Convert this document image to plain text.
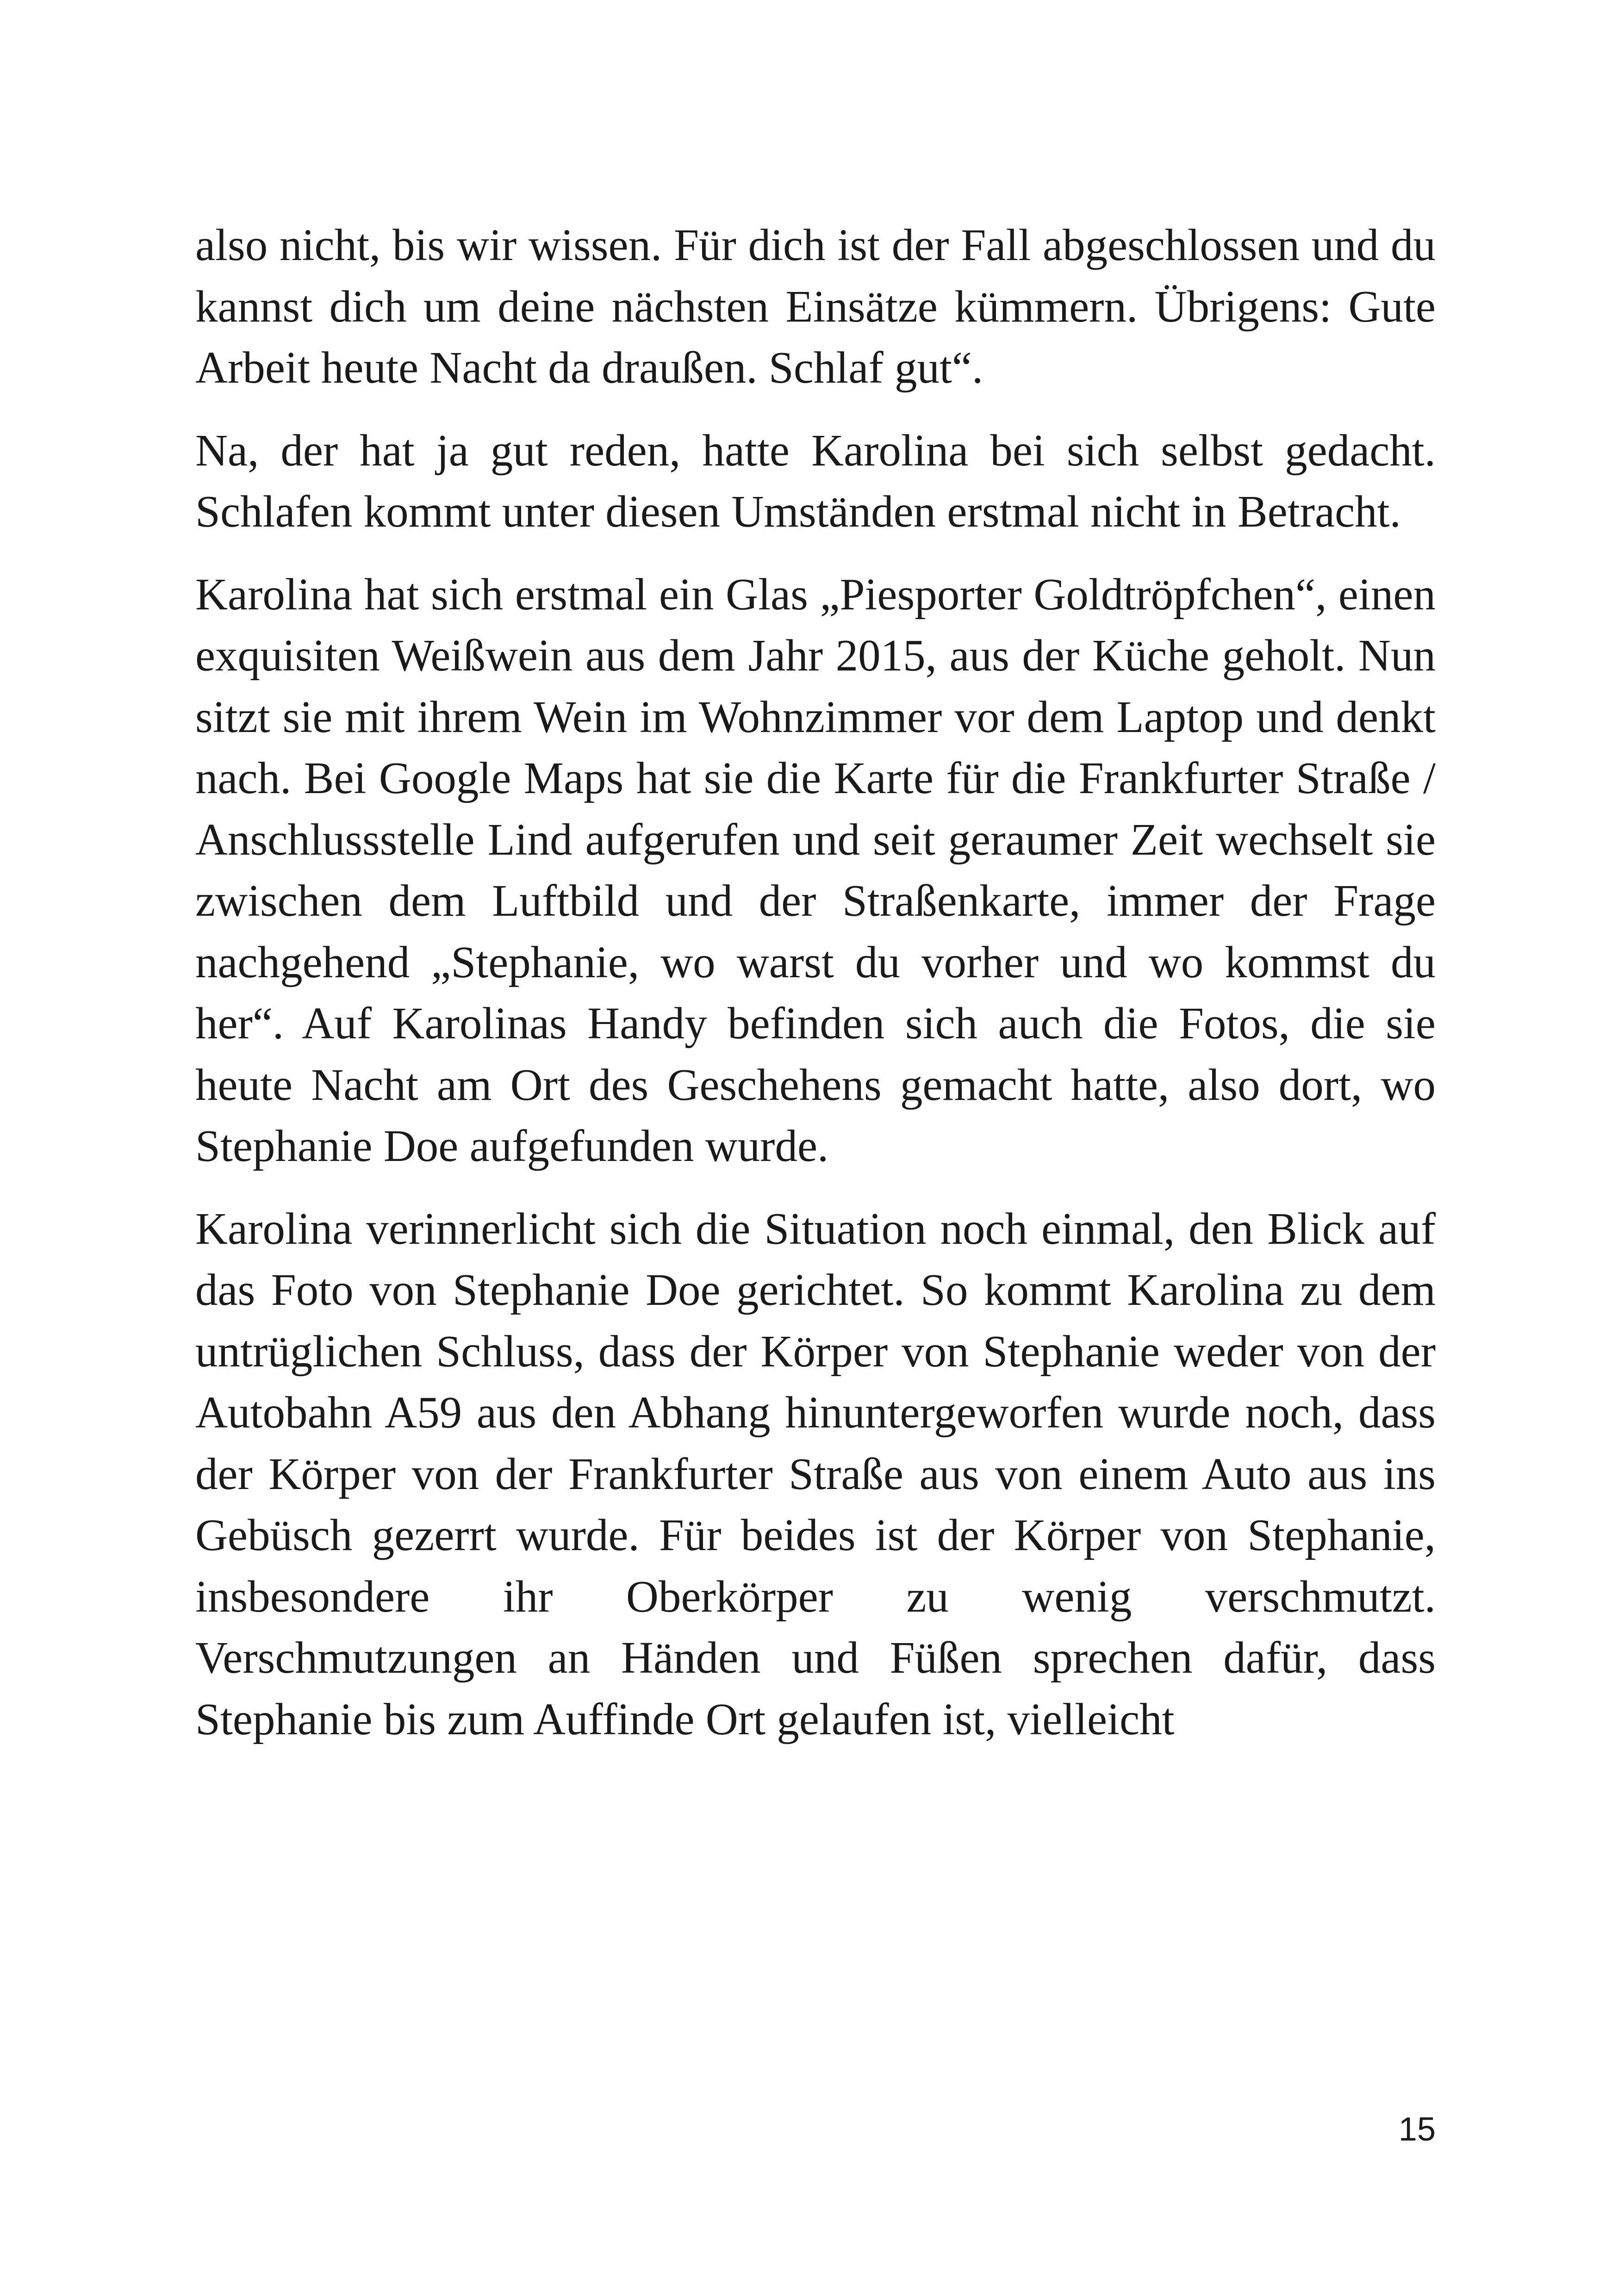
also nicht, bis wir wissen. Für dich ist der Fall abgeschlossen und du kannst dich um deine nächsten Einsätze kümmern. Übrigens: Gute Arbeit heute Nacht da draußen. Schlaf gut“.

Na, der hat ja gut reden, hatte Karolina bei sich selbst gedacht. Schlafen kommt unter diesen Umständen erstmal nicht in Betracht.

Karolina hat sich erstmal ein Glas „Piesporter Goldtröpfchen“, einen exquisiten Weißwein aus dem Jahr 2015, aus der Küche geholt. Nun sitzt sie mit ihrem Wein im Wohnzimmer vor dem Laptop und denkt nach. Bei Google Maps hat sie die Karte für die Frankfurter Straße / Anschlussstelle Lind aufgerufen und seit geraumer Zeit wechselt sie zwischen dem Luftbild und der Straßenkarte, immer der Frage nachgehend „Stephanie, wo warst du vorher und wo kommst du her“. Auf Karolinas Handy befinden sich auch die Fotos, die sie heute Nacht am Ort des Geschehens gemacht hatte, also dort, wo Stephanie Doe aufgefunden wurde.

Karolina verinnerlicht sich die Situation noch einmal, den Blick auf das Foto von Stephanie Doe gerichtet. So kommt Karolina zu dem untrüglichen Schluss, dass der Körper von Stephanie weder von der Autobahn A59 aus den Abhang hinuntergeworfen wurde noch, dass der Körper von der Frankfurter Straße aus von einem Auto aus ins Gebüsch gezerrt wurde. Für beides ist der Körper von Stephanie, insbesondere ihr Oberkörper zu wenig verschmutzt. Verschmutzungen an Händen und Füßen sprechen dafür, dass Stephanie bis zum Auffinde Ort gelaufen ist, vielleicht

15
